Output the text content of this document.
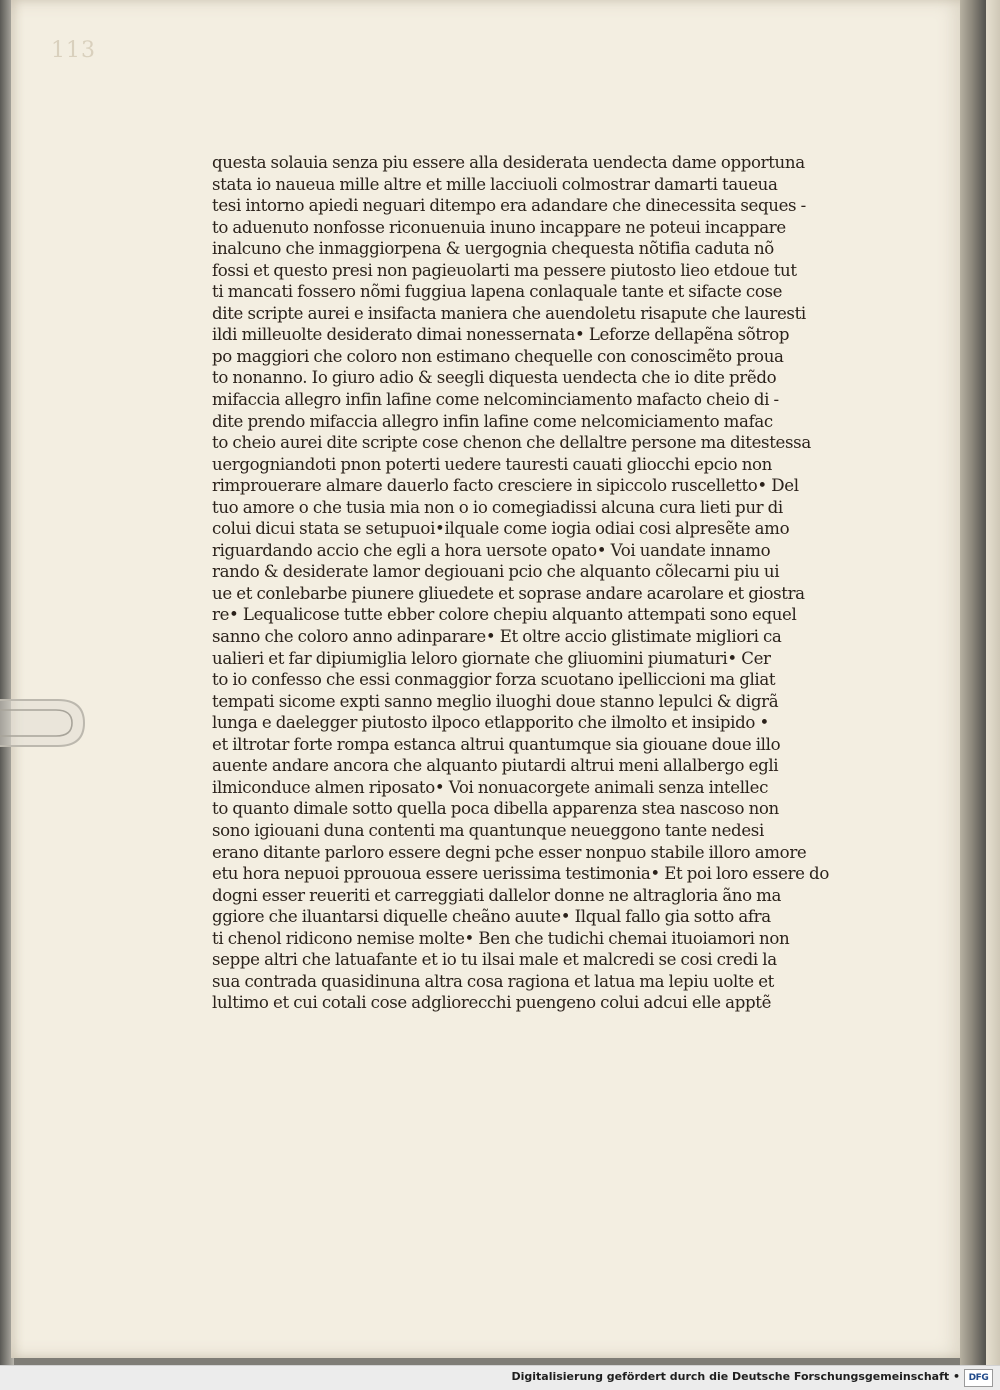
113
questa solauia senza piu essere alla desiderata uendecta dame opportuna
stata io naueua mille altre et mille lacciuoli colmostrar damarti taueua
tesi intorno apiedi neguari ditempo era adandare che dinecessita seques -
to aduenuto nonfosse riconuenuia inuno incappare ne poteui incappare
inalcuno che inmaggiorpena & uergognia chequesta nõtifia caduta nõ
fossi et questo presi non pagieuolarti ma pessere piutosto lieo etdoue tut
ti mancati fossero nõmi fuggiua lapena conlaquale tante et sifacte cose
dite scripte aurei e insifacta maniera che auendoletu risapute che lauresti
ildi milleuolte desiderato dimai nonessernata• Leforze dellapẽna sõtrop
po maggiori che coloro non estimano chequelle con conoscimẽto proua
to nonanno. Io giuro adio & seegli diquesta uendecta che io dite prẽdo
mifaccia allegro infin lafine come nelcominciamento mafacto cheio di -
dite prendo mifaccia allegro infin lafine come nelcomiciamento mafac
to cheio aurei dite scripte cose chenon che dellaltre persone ma ditestessa
uergogniandoti pnon poterti uedere tauresti cauati gliocchi epcio non
rimprouerare almare dauerlo facto cresciere in sipiccolo ruscelletto• Del
tuo amore o che tusia mia non o io comegiadissi alcuna cura lieti pur di
colui dicui stata se setupuoi•ilquale come iogia odiai cosi alpresẽte amo
riguardando accio che egli a hora uersote opato• Voi uandate innamo
rando & desiderate lamor degiouani pcio che alquanto cõlecarni piu ui
ue et conlebarbe piunere gliuedete et soprase andare acarolare et giostra
re• Lequalicose tutte ebber colore chepiu alquanto attempati sono equel
sanno che coloro anno adinparare• Et oltre accio glistimate migliori ca
ualieri et far dipiumiglia leloro giornate che gliuomini piumaturi• Cer
to io confesso che essi conmaggior forza scuotano ipelliccioni ma gliat
tempati sicome expti sanno meglio iluoghi doue stanno lepulci & digrã
lunga e daelegger piutosto ilpoco etlapporito che ilmolto et insipido •
et iltrotar forte rompa estanca altrui quantumque sia giouane doue illo
auente andare ancora che alquanto piutardi altrui meni allalbergo egli
ilmiconduce almen riposato• Voi nonuacorgete animali senza intellec
to quanto dimale sotto quella poca dibella apparenza stea nascoso non
sono igiouani duna contenti ma quantunque neueggono tante nedesi
erano ditante parloro essere degni pche esser nonpuo stabile illoro amore
etu hora nepuoi pprououa essere uerissima testimonia• Et poi loro essere do
dogni esser reueriti et carreggiati dallelor donne ne altragloria ãno ma
ggiore che iluantarsi diquelle cheãno auute• Ilqual fallo gia sotto afra
ti chenol ridicono nemise molte• Ben che tudichi chemai ituoiamori non
seppe altri che latuafante et io tu ilsai male et malcredi se cosi credi la
sua contrada quasidinuna altra cosa ragiona et latua ma lepiu uolte et
lultimo et cui cotali cose adgliorecchi puengeno colui adcui elle apptẽ
Digitalisierung gefördert durch die Deutsche Forschungsgemeinschaft • DFG
